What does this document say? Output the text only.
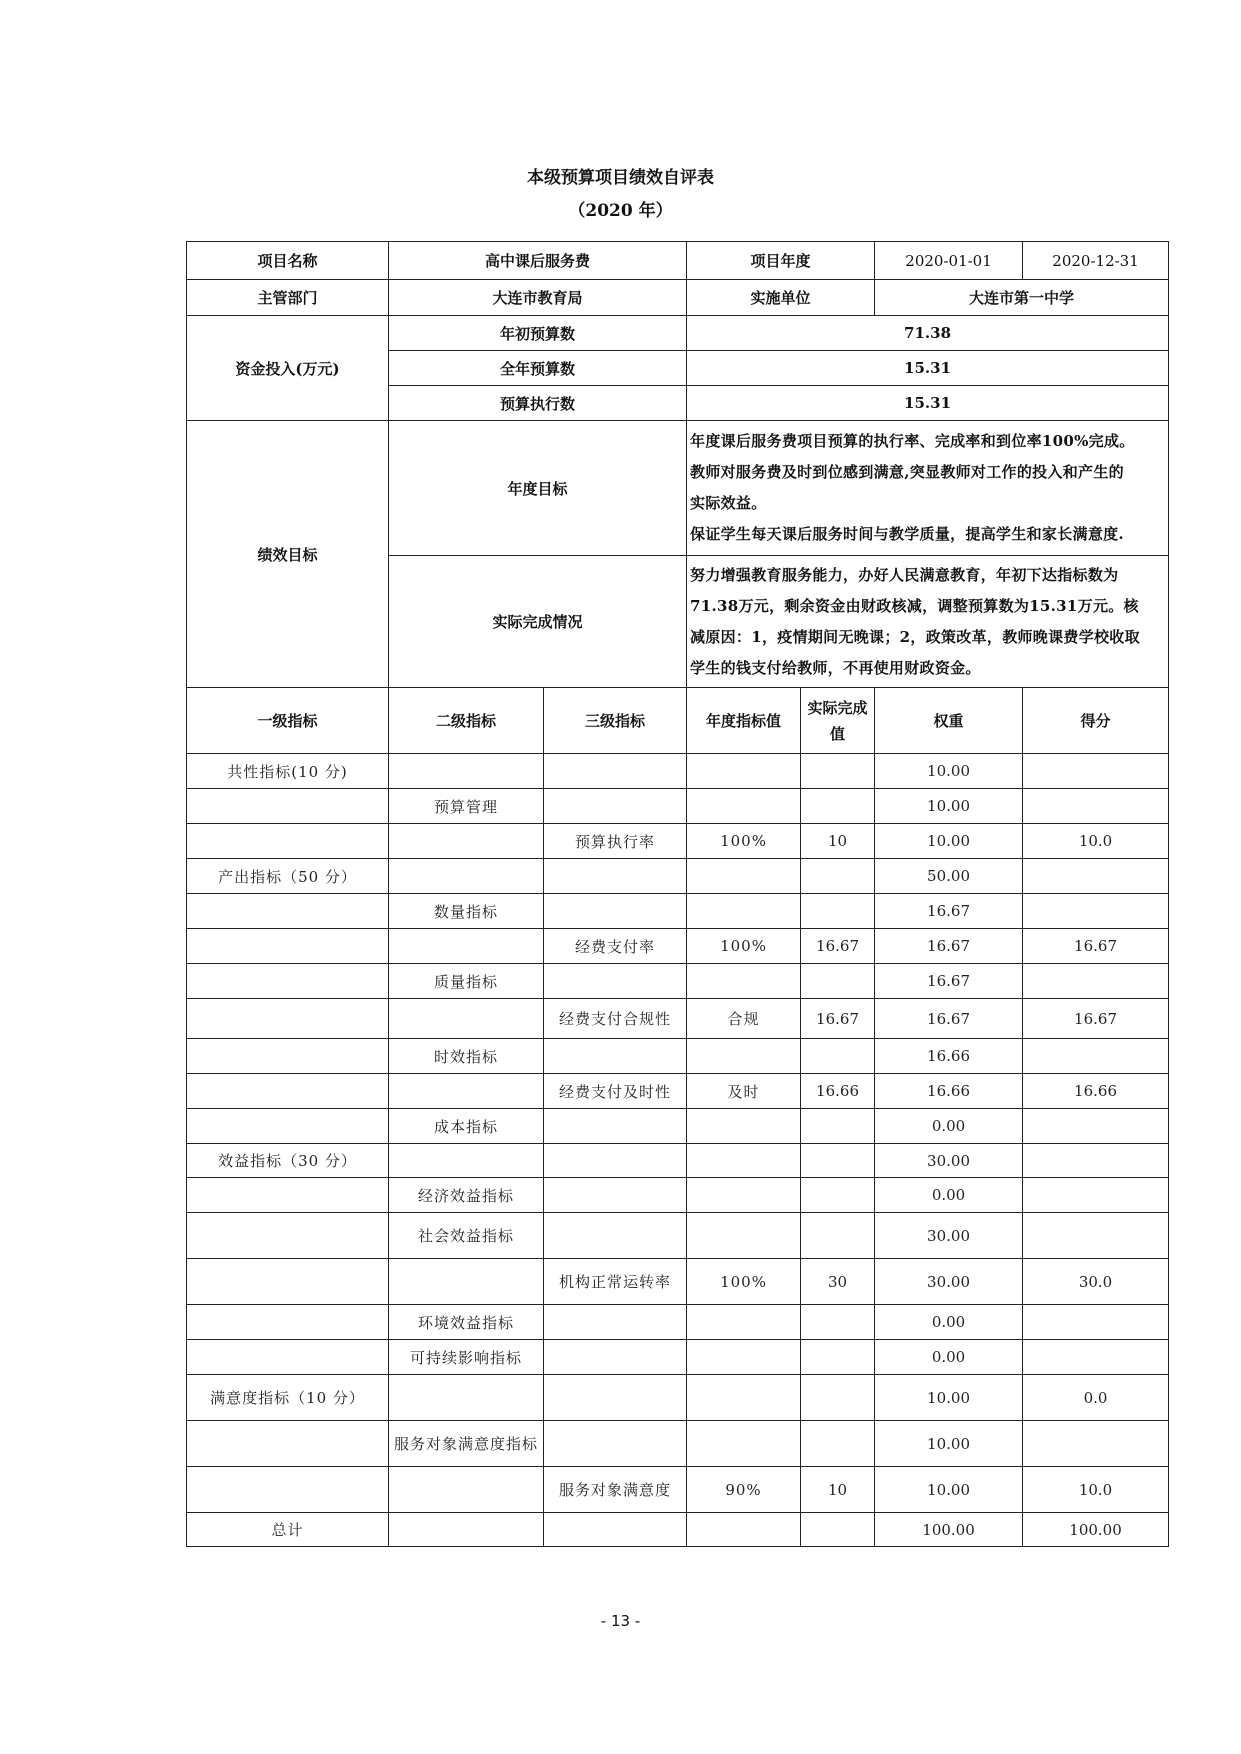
本级预算项目绩效自评表
（2020 年）
项目名称	高中课后服务费		项目年度		2020-01-01	2020-12-31
主管部门	大连市教育局		实施单位		大连市第一中学	
资金投入(万元)	年初预算数		71.38			
	全年预算数		15.31			
	预算执行数		15.31			
绩效目标	年度目标		年度课后服务费项目预算的执行率、完成率和到位率100%完成。
教师对服务费及时到位感到满意,突显教师对工作的投入和产生的
实际效益。
保证学生每天课后服务时间与教学质量，提高学生和家长满意度.			

	实际完成情况		努力增强教育服务能力，办好人民满意教育，年初下达指标数为
71.38万元，剩余资金由财政核减，调整预算数为15.31万元。核
减原因：1，疫情期间无晚课；2，政策改革，教师晚课费学校收取
学生的钱支付给教师，不再使用财政资金。			

一级指标	二级指标	三级指标	年度指标值	实际完成值	权重	得分
共性指标(10 分)					10.00	
	预算管理				10.00	
		预算执行率	100%	10	10.00	10.0
产出指标（50 分）					50.00	
	数量指标				16.67	
		经费支付率	100%	16.67	16.67	16.67
	质量指标				16.67	
		经费支付合规性	合规	16.67	16.67	16.67
	时效指标				16.66	
		经费支付及时性	及时	16.66	16.66	16.66
	成本指标				0.00	
效益指标（30 分）					30.00	
	经济效益指标				0.00	
	社会效益指标				30.00	
		机构正常运转率	100%	30	30.00	30.0
	环境效益指标				0.00	
	可持续影响指标				0.00	
满意度指标（10 分）					10.00	0.0
	服务对象满意度指标				10.00	
		服务对象满意度	90%	10	10.00	10.0
总计					100.00	100.00
- 13 -
